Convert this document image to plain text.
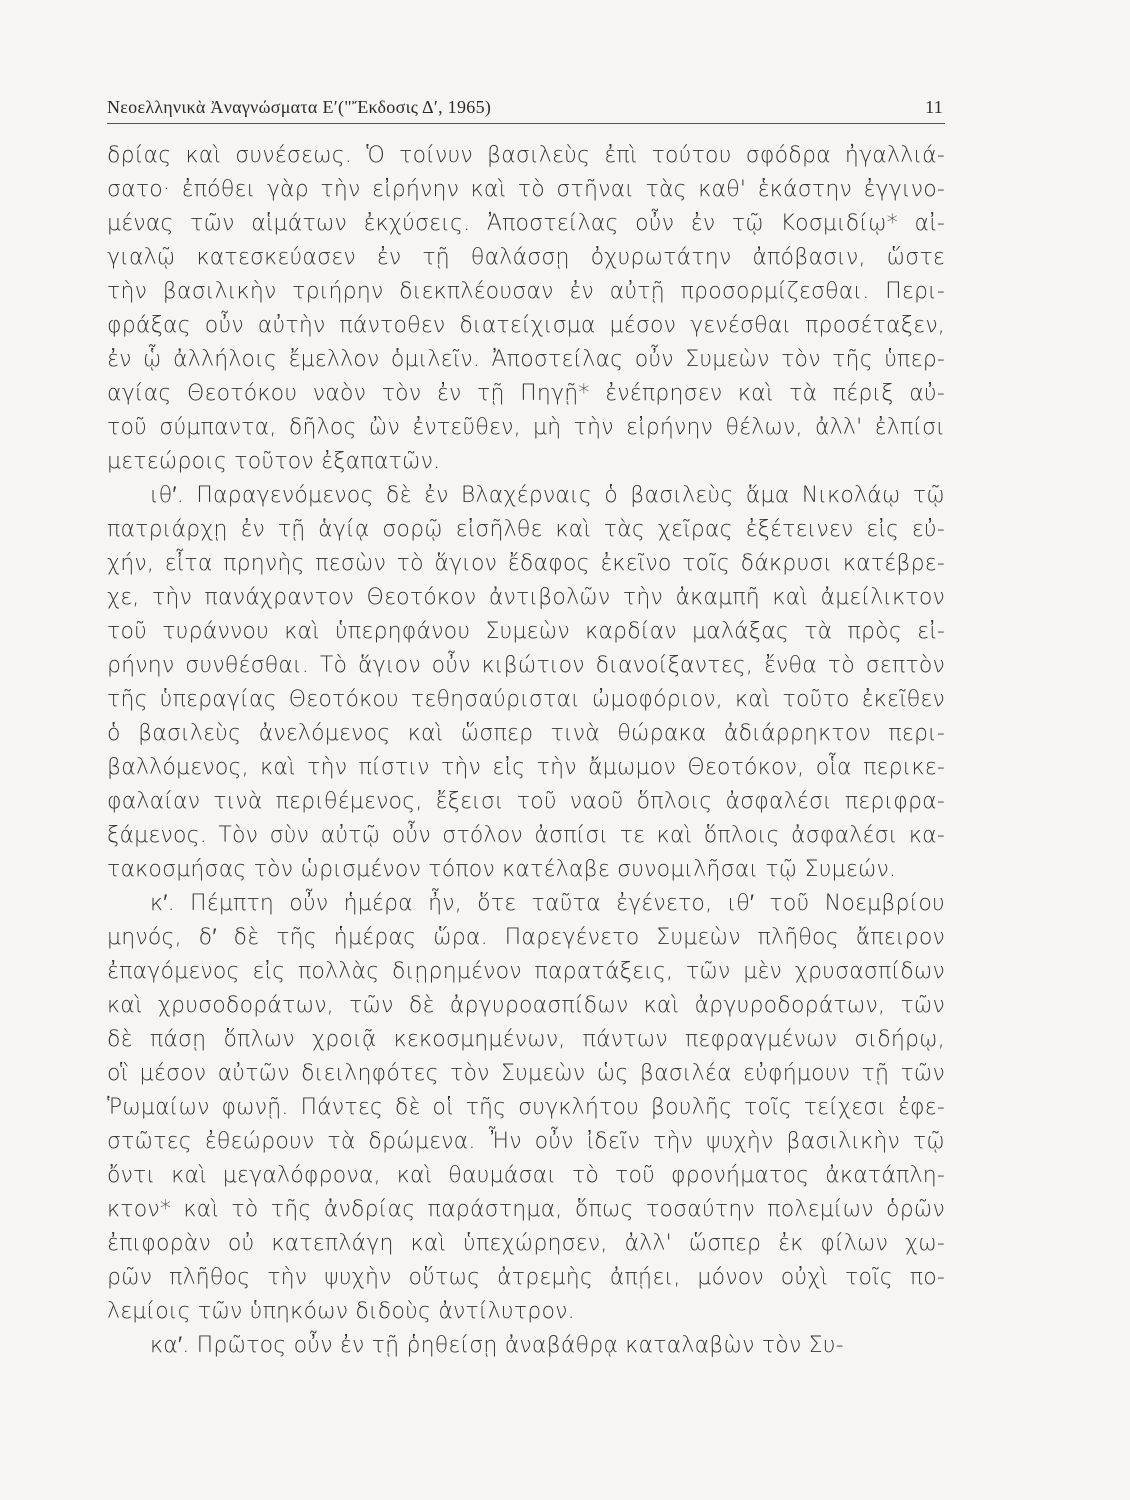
Νεοελληνικὰ Ἀναγνώσματα Ε′("Ἔκδοσις Δ′, 1965)	11
δρίας καὶ συνέσεως. Ὁ τοίνυν βασιλεὺς ἐπὶ τούτου σφόδρα ἠγαλλιά-
σατο· ἐπόθει γὰρ τὴν εἰρήνην καὶ τὸ στῆναι τὰς καθ' ἑκάστην ἐγγινο-
μένας τῶν αἱμάτων ἐκχύσεις. Ἀποστείλας οὖν ἐν τῷ Κοσμιδίῳ* αἰ-
γιαλῷ κατεσκεύασεν ἐν τῇ θαλάσσῃ ὀχυρωτάτην ἀπόβασιν, ὥστε
τὴν βασιλικὴν τριήρην διεκπλέουσαν ἐν αὐτῇ προσορμίζεσθαι. Περι-
φράξας οὖν αὐτὴν πάντοθεν διατείχισμα μέσον γενέσθαι προσέταξεν,
ἐν ᾧ ἀλλήλοις ἔμελλον ὁμιλεῖν. Ἀποστείλας οὖν Συμεὼν τὸν τῆς ὑπερ-
αγίας Θεοτόκου ναὸν τὸν ἐν τῇ Πηγῇ* ἐνέπρησεν καὶ τὰ πέριξ αὐ-
τοῦ σύμπαντα, δῆλος ὢν ἐντεῦθεν, μὴ τὴν εἰρήνην θέλων, ἀλλ' ἐλπίσι
μετεώροις τοῦτον ἐξαπατῶν.
ιθ′. Παραγενόμενος δὲ ἐν Βλαχέρναις ὁ βασιλεὺς ἅμα Νικολάῳ τῷ
πατριάρχῃ ἐν τῇ ἁγίᾳ σορῷ εἰσῆλθε καὶ τὰς χεῖρας ἐξέτεινεν εἰς εὐ-
χήν, εἶτα πρηνὴς πεσὼν τὸ ἅγιον ἔδαφος ἐκεῖνο τοῖς δάκρυσι κατέβρε-
χε, τὴν πανάχραντον Θεοτόκον ἀντιβολῶν τὴν ἀκαμπῆ καὶ ἀμείλικτον
τοῦ τυράννου καὶ ὑπερηφάνου Συμεὼν καρδίαν μαλάξας τὰ πρὸς εἰ-
ρήνην συνθέσθαι. Τὸ ἅγιον οὖν κιβώτιον διανοίξαντες, ἔνθα τὸ σεπτὸν
τῆς ὑπεραγίας Θεοτόκου τεθησαύρισται ὠμοφόριον, καὶ τοῦτο ἐκεῖθεν
ὁ βασιλεὺς ἀνελόμενος καὶ ὥσπερ τινὰ θώρακα ἀδιάρρηκτον περι-
βαλλόμενος, καὶ τὴν πίστιν τὴν εἰς τὴν ἄμωμον Θεοτόκον, οἷα περικε-
φαλαίαν τινὰ περιθέμενος, ἔξεισι τοῦ ναοῦ ὅπλοις ἀσφαλέσι περιφρα-
ξάμενος. Τὸν σὺν αὐτῷ οὖν στόλον ἀσπίσι τε καὶ ὅπλοις ἀσφαλέσι κα-
τακοσμήσας τὸν ὡρισμένον τόπον κατέλαβε συνομιλῆσαι τῷ Συμεών.
κ′. Πέμπτη οὖν ἡμέρα ἦν, ὅτε ταῦτα ἐγένετο, ιθ′ τοῦ Νοεμβρίου
μηνός, δ′ δὲ τῆς ἡμέρας ὥρα. Παρεγένετο Συμεὼν πλῆθος ἄπειρον
ἐπαγόμενος εἰς πολλὰς διῃρημένον παρατάξεις, τῶν μὲν χρυσασπίδων
καὶ χρυσοδοράτων, τῶν δὲ ἀργυροασπίδων καὶ ἀργυροδοράτων, τῶν
δὲ πάσῃ ὅπλων χροιᾷ κεκοσμημένων, πάντων πεφραγμένων σιδήρῳ,
οἳ μέσον αὐτῶν διειληφότες τὸν Συμεὼν ὡς βασιλέα εὐφήμουν τῇ τῶν
Ῥωμαίων φωνῇ. Πάντες δὲ οἱ τῆς συγκλήτου βουλῆς τοῖς τείχεσι ἐφε-
στῶτες ἐθεώρουν τὰ δρώμενα. Ἦν οὖν ἰδεῖν τὴν ψυχὴν βασιλικὴν τῷ
ὄντι καὶ μεγαλόφρονα, καὶ θαυμάσαι τὸ τοῦ φρονήματος ἀκατάπλη-
κτον* καὶ τὸ τῆς ἀνδρίας παράστημα, ὅπως τοσαύτην πολεμίων ὁρῶν
ἐπιφορὰν οὐ κατεπλάγη καὶ ὑπεχώρησεν, ἀλλ' ὥσπερ ἐκ φίλων χω-
ρῶν πλῆθος τὴν ψυχὴν οὕτως ἀτρεμὴς ἀπῄει, μόνον οὐχὶ τοῖς πο-
λεμίοις τῶν ὑπηκόων διδοὺς ἀντίλυτρον.
κα′. Πρῶτος οὖν ἐν τῇ ῥηθείσῃ ἀναβάθρᾳ καταλαβὼν τὸν Συ-
